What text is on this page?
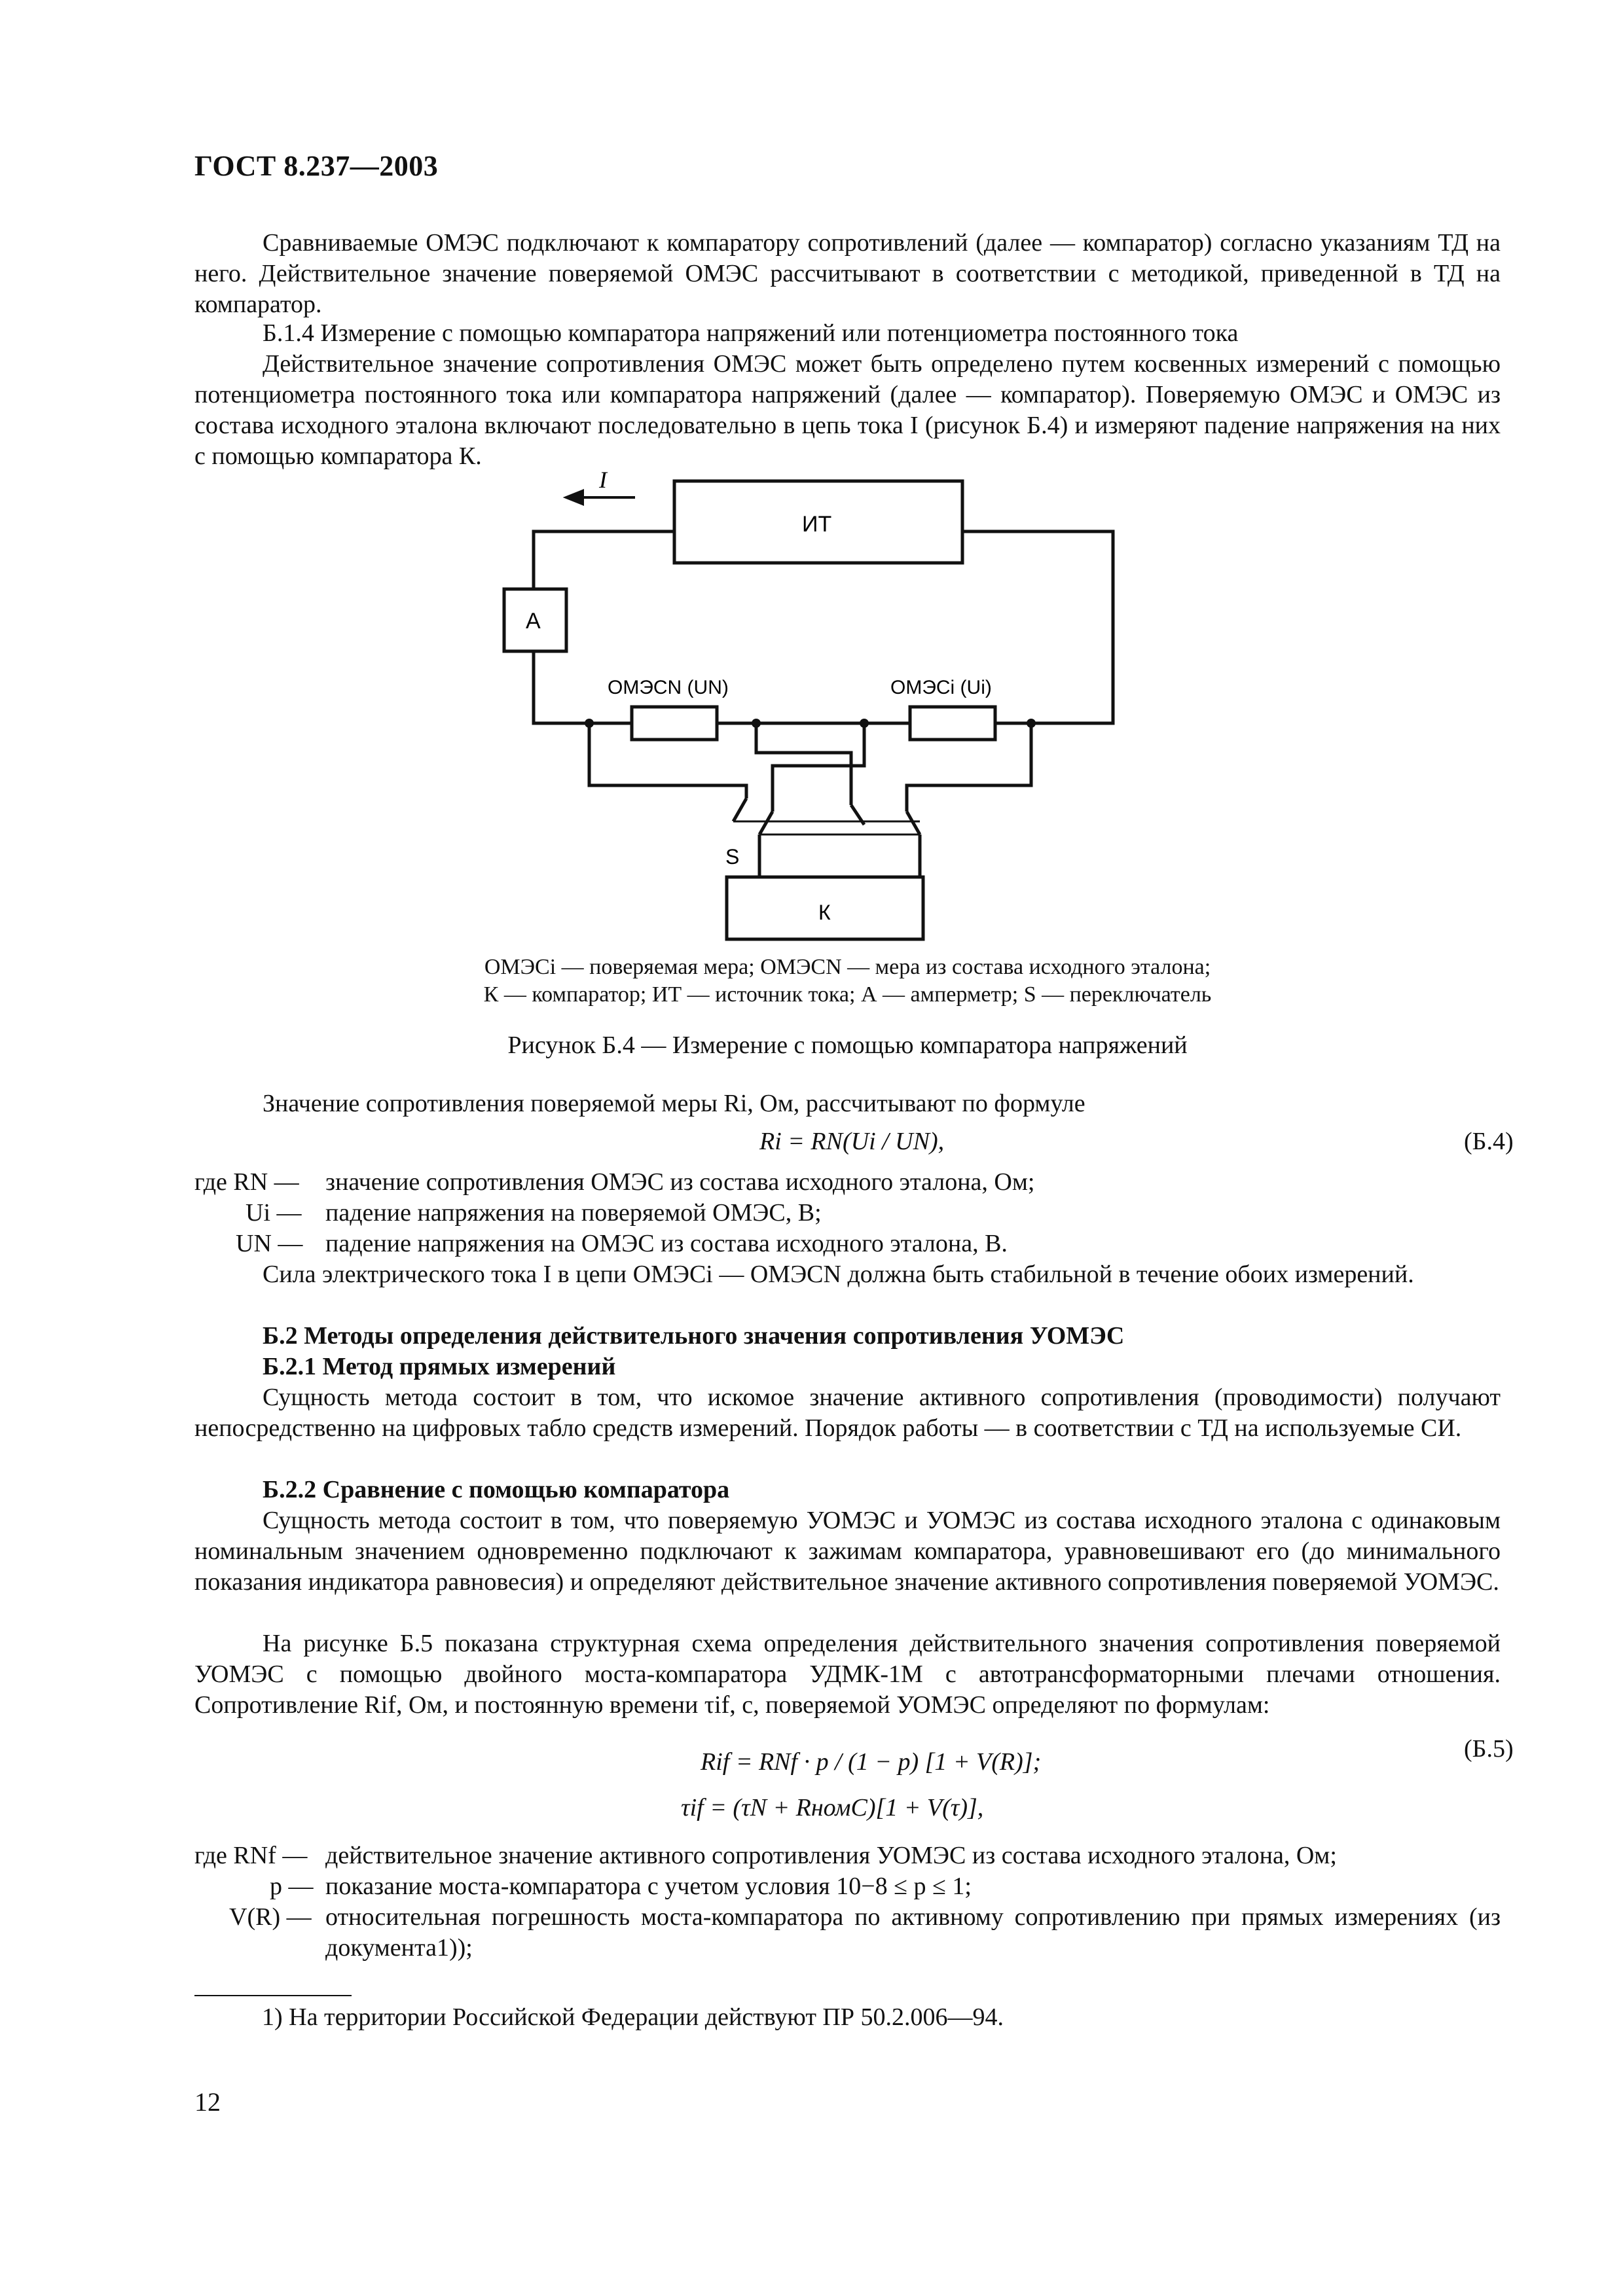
ГОСТ 8.237—2003

Сравниваемые ОМЭС подключают к компаратору сопротивлений (далее — компаратор) согласно указаниям ТД на него. Действительное значение поверяемой ОМЭС рассчитывают в соответствии с методикой, приведенной в ТД на компаратор.

Б.1.4 Измерение с помощью компаратора напряжений или потенциометра постоянного тока

Действительное значение сопротивления ОМЭС может быть определено путем косвенных измерений с помощью потенциометра постоянного тока или компаратора напряжений (далее — компаратор). Поверяемую ОМЭС и ОМЭС из состава исходного эталона включают последовательно в цепь тока I (рисунок Б.4) и измеряют падение напряжения на них с помощью компаратора К.

I
ИТ
А
ОМЭСN (UN)	ОМЭСi (Ui)
S
К
ОМЭСi — поверяемая мера; ОМЭСN — мера из состава исходного эталона;
К — компаратор; ИТ — источник тока; А — амперметр; S — переключатель
Рисунок Б.4 — Измерение с помощью компаратора напряжений

Значение сопротивления поверяемой меры Ri, Ом, рассчитывают по формуле

Ri = RN(Ui / UN),	(Б.4)
где RN — значение сопротивления ОМЭС из состава исходного эталона, Ом;
Ui — падение напряжения на поверяемой ОМЭС, В;
UN — падение напряжения на ОМЭС из состава исходного эталона, В.

Сила электрического тока I в цепи ОМЭСi — ОМЭСN должна быть стабильной в течение обоих измерений.

Б.2 Методы определения действительного значения сопротивления УОМЭС

Б.2.1 Метод прямых измерений

Сущность метода состоит в том, что искомое значение активного сопротивления (проводимости) получают непосредственно на цифровых табло средств измерений. Порядок работы — в соответствии с ТД на используемые СИ.

Б.2.2 Сравнение с помощью компаратора

Сущность метода состоит в том, что поверяемую УОМЭС и УОМЭС из состава исходного эталона с одинаковым номинальным значением одновременно подключают к зажимам компаратора, уравновешивают его (до минимального показания индикатора равновесия) и определяют действительное значение активного сопротивления поверяемой УОМЭС.

На рисунке Б.5 показана структурная схема определения действительного значения сопротивления поверяемой УОМЭС с помощью двойного моста-компаратора УДМК-1М с автотрансформаторными плечами отношения. Сопротивление Rif, Ом, и постоянную времени τif, с, поверяемой УОМЭС определяют по формулам:

Rif = RNf · p / (1 − p) [1 + V(R)];
τif = (τN + RномC)[1 + V(τ)],
(Б.5)
где RNf — действительное значение активного сопротивления УОМЭС из состава исходного эталона, Ом;
p — показание моста-компаратора с учетом условия 10−8 ≤ p ≤ 1;
V(R) — относительная погрешность моста-компаратора по активному сопротивлению при прямых измерениях (из документа1));
1) На территории Российской Федерации действуют ПР 50.2.006—94.
12
